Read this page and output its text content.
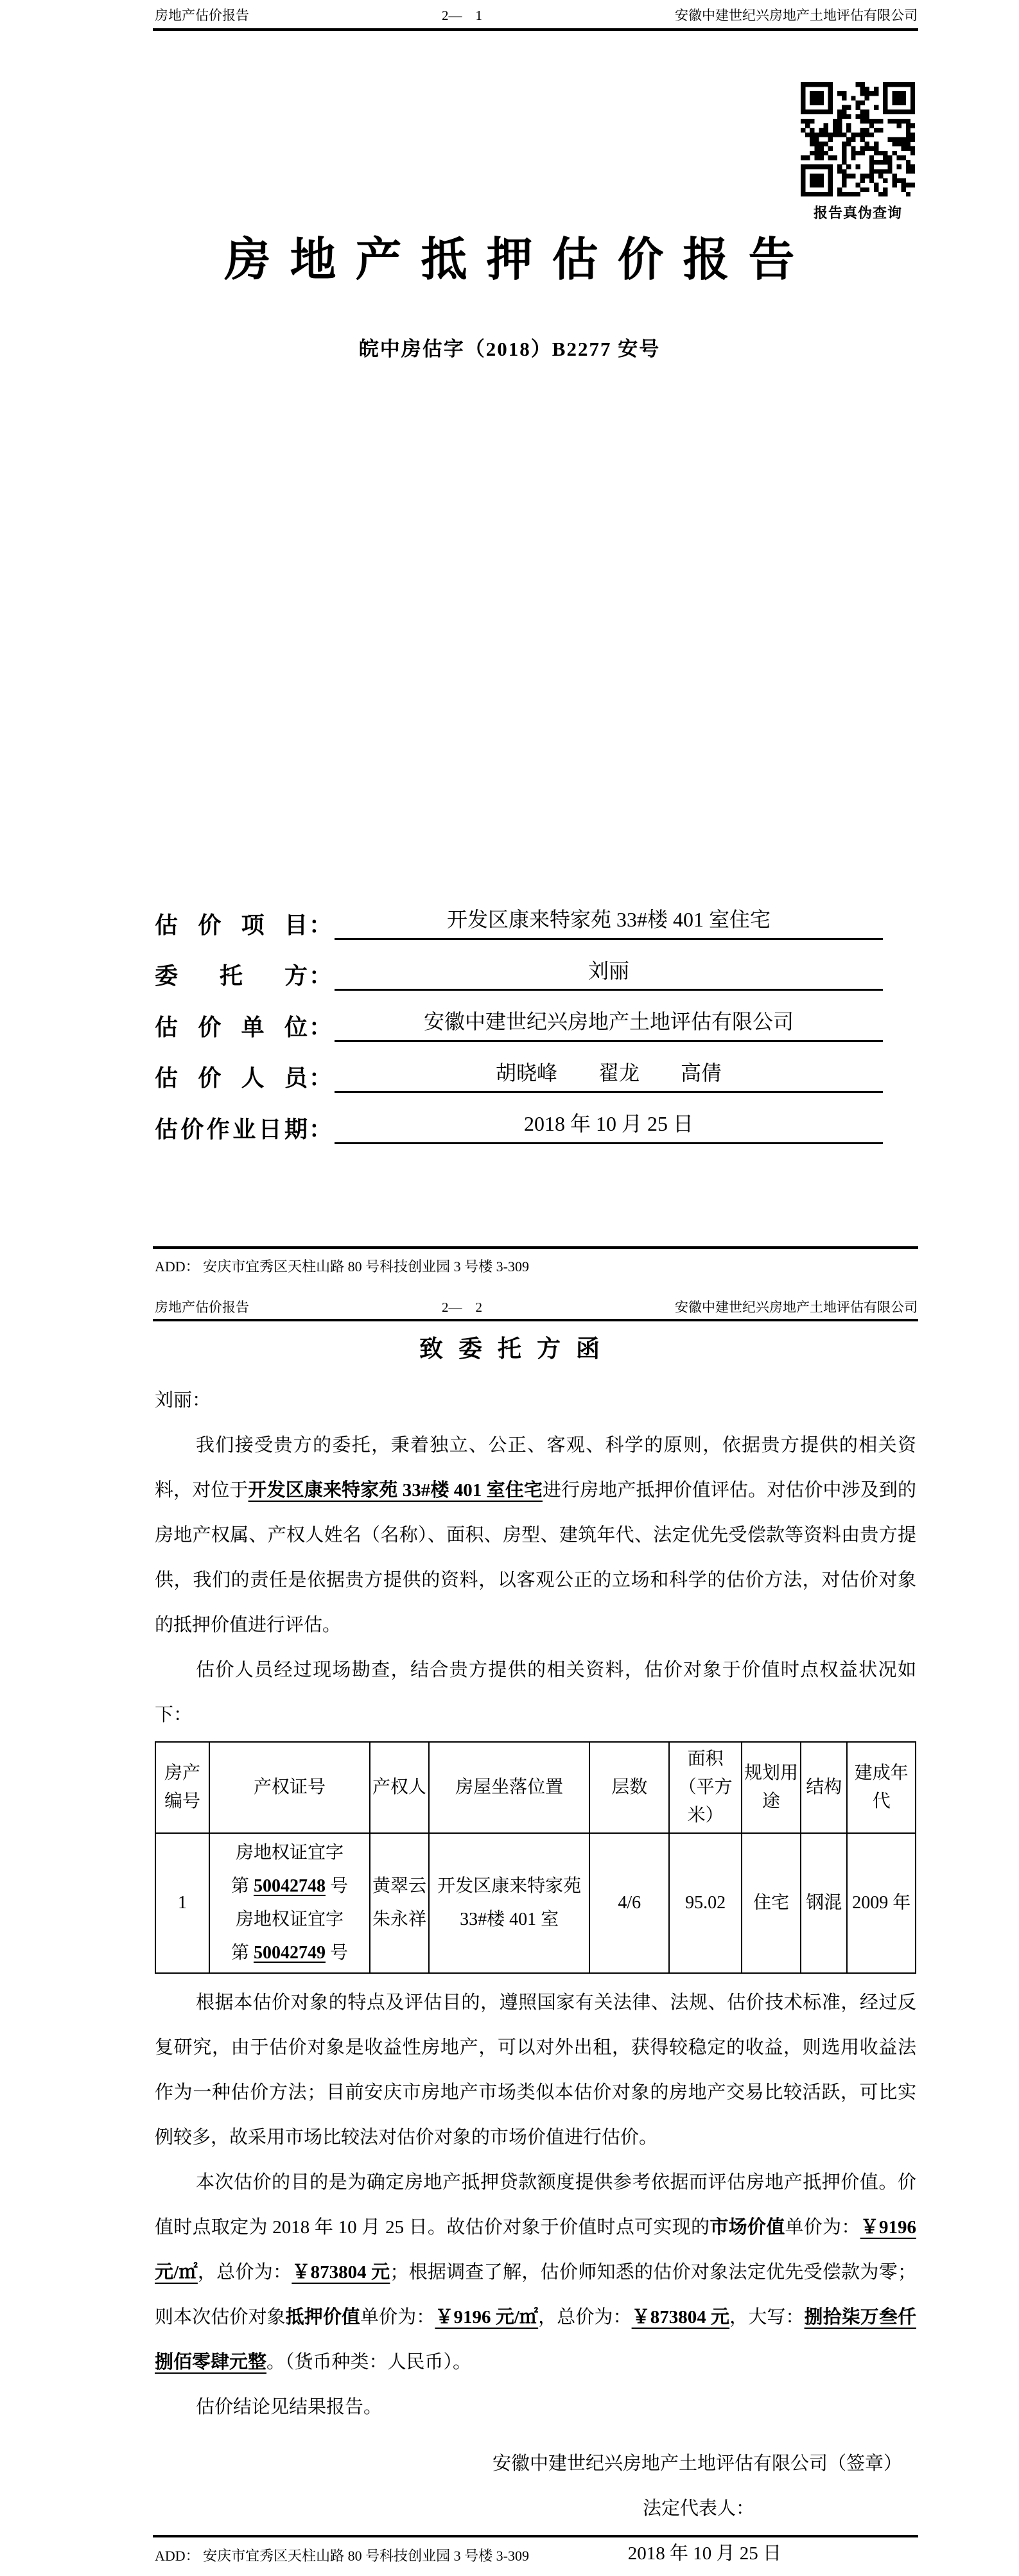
房地产估价报告	2—　1	安徽中建世纪兴房地产土地评估有限公司
报告真伪查询
房地产抵押估价报告
皖中房估字（2018）B2277 安号
估价项目 ：	开发区康来特家苑 33#楼 401 室住宅
委托方 ：	刘丽
估价单位 ：	安徽中建世纪兴房地产土地评估有限公司
估价人员 ：	胡晓峰　　翟龙　　高倩
估价作业日期 ：	2018 年 10 月 25 日
ADD： 安庆市宜秀区天柱山路 80 号科技创业园 3 号楼 3-309
房地产估价报告	2—　2	安徽中建世纪兴房地产土地评估有限公司
致委托方函
刘丽：

我们接受贵方的委托，秉着独立、公正、客观、科学的原则，依据贵方提供的相关资料，对位于开发区康来特家苑 33#楼 401 室住宅进行房地产抵押价值评估。对估价中涉及到的房地产权属、产权人姓名（名称）、面积、房型、建筑年代、法定优先受偿款等资料由贵方提供，我们的责任是依据贵方提供的资料，以客观公正的立场和科学的估价方法，对估价对象的抵押价值进行评估。

估价人员经过现场勘查，结合贵方提供的相关资料，估价对象于价值时点权益状况如下：

房产编号	产权证号	产权人	房屋坐落位置	层数	面积（平方米）	规划用途	结构	建成年代
1	房地权证宜字
第 50042748 号
房地权证宜字
第 50042749 号	黄翠云
朱永祥	开发区康来特家苑
33#楼 401 室	4/6	95.02	住宅	钢混	2009 年

根据本估价对象的特点及评估目的，遵照国家有关法律、法规、估价技术标准，经过反复研究，由于估价对象是收益性房地产，可以对外出租，获得较稳定的收益，则选用收益法作为一种估价方法；目前安庆市房地产市场类似本估价对象的房地产交易比较活跃，可比实例较多，故采用市场比较法对估价对象的市场价值进行估价。

本次估价的目的是为确定房地产抵押贷款额度提供参考依据而评估房地产抵押价值。价值时点取定为 2018 年 10 月 25 日。故估价对象于价值时点可实现的市场价值单价为：￥9196 元/㎡，总价为：￥873804 元；根据调查了解，估价师知悉的估价对象法定优先受偿款为零；则本次估价对象抵押价值单价为：￥9196 元/㎡，总价为：￥873804 元，大写：捌拾柒万叁仟捌佰零肆元整。（货币种类：人民币）。

估价结论见结果报告。

安徽中建世纪兴房地产土地评估有限公司（签章）
法定代表人：
2018 年 10 月 25 日
ADD： 安庆市宜秀区天柱山路 80 号科技创业园 3 号楼 3-309
